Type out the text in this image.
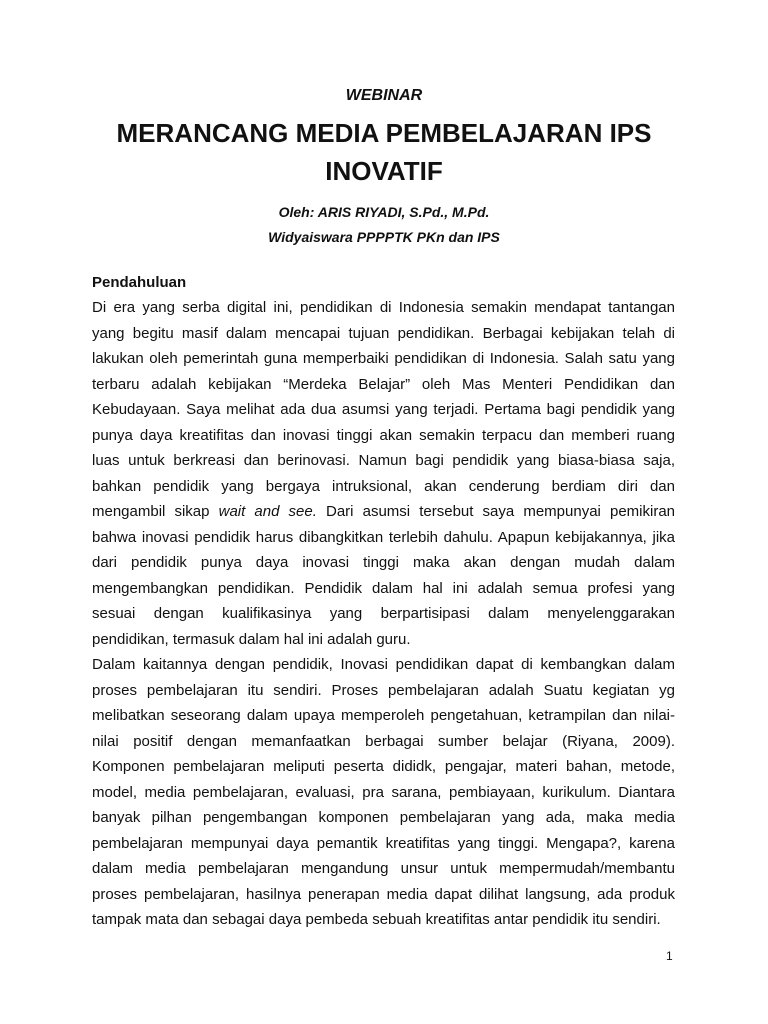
WEBINAR
MERANCANG MEDIA PEMBELAJARAN IPS
INOVATIF
Oleh: ARIS RIYADI, S.Pd., M.Pd.
Widyaiswara PPPPTK PKn dan IPS
Pendahuluan
Di era yang serba digital ini, pendidikan di Indonesia semakin mendapat tantangan
yang begitu masif dalam mencapai tujuan pendidikan. Berbagai kebijakan telah di
lakukan oleh pemerintah guna memperbaiki pendidikan di Indonesia. Salah satu yang
terbaru adalah kebijakan “Merdeka Belajar” oleh Mas Menteri Pendidikan dan
Kebudayaan. Saya melihat ada dua asumsi yang terjadi. Pertama bagi pendidik yang
punya daya kreatifitas dan inovasi tinggi akan semakin terpacu dan memberi ruang
luas untuk berkreasi dan berinovasi. Namun bagi pendidik yang biasa-biasa saja,
bahkan pendidik yang bergaya intruksional, akan cenderung berdiam diri dan
mengambil sikap wait and see. Dari asumsi tersebut saya mempunyai pemikiran
bahwa inovasi pendidik harus dibangkitkan terlebih dahulu. Apapun kebijakannya, jika
dari pendidik punya daya inovasi tinggi maka akan dengan mudah dalam
mengembangkan pendidikan. Pendidik dalam hal ini adalah semua profesi yang
sesuai dengan kualifikasinya yang berpartisipasi dalam menyelenggarakan
pendidikan, termasuk dalam hal ini adalah guru.
Dalam kaitannya dengan pendidik, Inovasi pendidikan dapat di kembangkan dalam
proses pembelajaran itu sendiri. Proses pembelajaran adalah Suatu kegiatan yg
melibatkan seseorang dalam upaya memperoleh pengetahuan, ketrampilan dan nilai-
nilai positif dengan memanfaatkan berbagai sumber belajar (Riyana, 2009).
Komponen pembelajaran meliputi peserta dididk, pengajar, materi bahan, metode,
model, media pembelajaran, evaluasi, pra sarana, pembiayaan, kurikulum. Diantara
banyak pilhan pengembangan komponen pembelajaran yang ada, maka media
pembelajaran mempunyai daya pemantik kreatifitas yang tinggi. Mengapa?, karena
dalam media pembelajaran mengandung unsur untuk mempermudah/membantu
proses pembelajaran, hasilnya penerapan media dapat dilihat langsung, ada produk
tampak mata dan sebagai daya pembeda sebuah kreatifitas antar pendidik itu sendiri.
1
